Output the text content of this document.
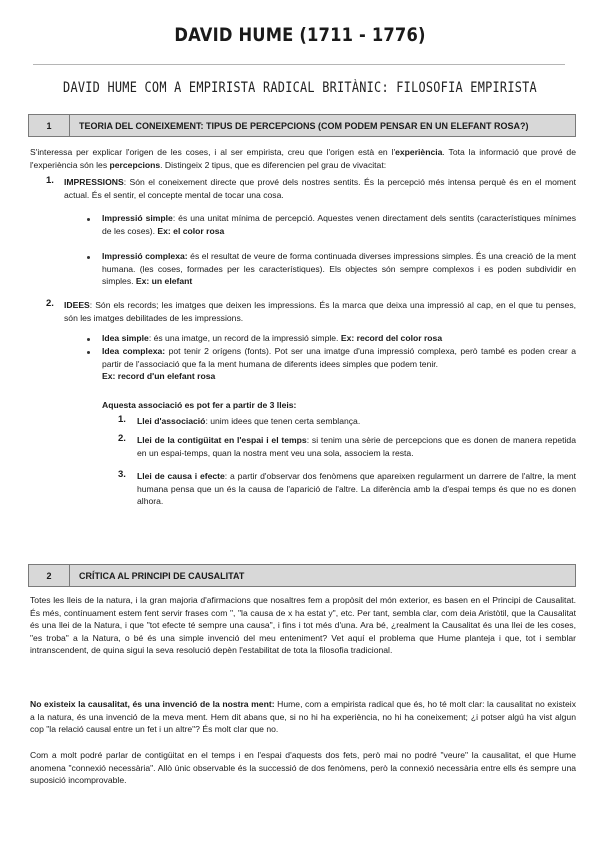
DAVID HUME (1711 - 1776)
DAVID HUME COM A EMPIRISTA RADICAL BRITÀNIC: FILOSOFIA EMPIRISTA
1	TEORIA DEL CONEIXEMENT: TIPUS DE PERCEPCIONS (COM PODEM PENSAR EN UN ELEFANT ROSA?)
S'interessa per explicar l'origen de les coses, i al ser empirista, creu que l'origen està en l'experiència. Tota la informació que prové de l'experiència són les percepcions. Distingeix 2 tipus, que es diferencien pel grau de vivacitat:
1. IMPRESSIONS: Són el coneixement directe que prové dels nostres sentits. És la percepció més intensa perquè és en el moment actual. És el sentir, el concepte mental de tocar una cosa.
Impressió simple: és una unitat mínima de percepció. Aquestes venen directament dels sentits (característiques mínimes de les coses). Ex: el color rosa
Impressió complexa: és el resultat de veure de forma continuada diverses impressions simples. És una creació de la ment humana. (les coses, formades per les característiques). Els objectes són sempre complexos i es poden subdividir en simples. Ex: un elefant
2. IDEES: Són els records; les imatges que deixen les impressions. És la marca que deixa una impressió al cap, en el que tu penses, són les imatges debilitades de les impressions.
Idea simple: és una imatge, un record de la impressió simple. Ex: record del color rosa
Idea complexa: pot tenir 2 orígens (fonts). Pot ser una imatge d'una impressió complexa, però també es poden crear a partir de l'associació que fa la ment humana de diferents idees simples que podem tenir.
Ex: record d'un elefant rosa
Aquesta associació es pot fer a partir de 3 lleis:
1. Llei d'associació: unim idees que tenen certa semblança.
2. Llei de la contigüitat en l'espai i el temps: si tenim una sèrie de percepcions que es donen de manera repetida en un espai-temps, quan la nostra ment veu una sola, associem la resta.
3. Llei de causa i efecte: a partir d'observar dos fenòmens que apareixen regularment un darrere de l'altre, la ment humana pensa que un és la causa de l'aparició de l'altre. La diferència amb la d'espai temps és que no es donen alhora.
2	CRÍTICA AL PRINCIPI DE CAUSALITAT
Totes les lleis de la natura, i la gran majoria d'afirmacions que nosaltres fem a propòsit del món exterior, es basen en el Principi de Causalitat. És més, contínuament estem fent servir frases com ", "la causa de x ha estat y", etc. Per tant, sembla clar, com deia Aristòtil, que la Causalitat és una llei de la Natura, i que "tot efecte té sempre una causa", i fins i tot més d'una. Ara bé, ¿realment la Causalitat és una llei de les coses, "es troba" a la Natura, o bé és una simple invenció del meu enteniment? Vet aquí el problema que Hume planteja i que, tot i semblar intranscendent, de quina sigui la seva resolució depèn l'estabilitat de tota la filosofia tradicional.
No existeix la causalitat, és una invenció de la nostra ment: Hume, com a empirista radical que és, ho té molt clar: la causalitat no existeix a la natura, és una invenció de la meva ment. Hem dit abans que, si no hi ha experiència, no hi ha coneixement; ¿i potser algú ha vist algun cop "la relació causal entre un fet i un altre"? És molt clar que no.
Com a molt podré parlar de contigüitat en el temps i en l'espai d'aquests dos fets, però mai no podré "veure" la causalitat, el que Hume anomena "connexió necessària". Allò únic observable és la successió de dos fenòmens, però la connexió necessària entre ells és sempre una suposició incomprovable.
